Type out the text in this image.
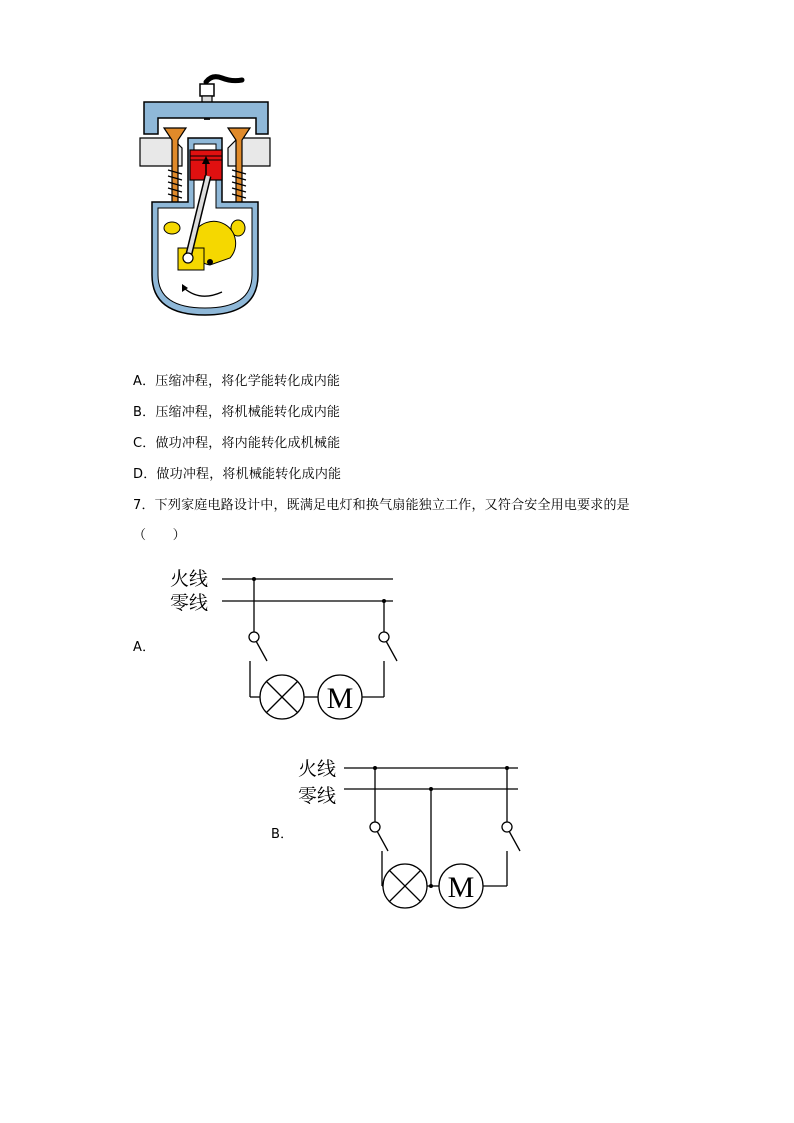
A．压缩冲程，将化学能转化成内能
B．压缩冲程，将机械能转化成内能
C．做功冲程，将内能转化成机械能
D．做功冲程，将机械能转化成内能
7．下列家庭电路设计中，既满足电灯和换气扇能独立工作，又符合安全用电要求的是
（　　）
A．
火线
零线
M
B．
火线
零线
M
